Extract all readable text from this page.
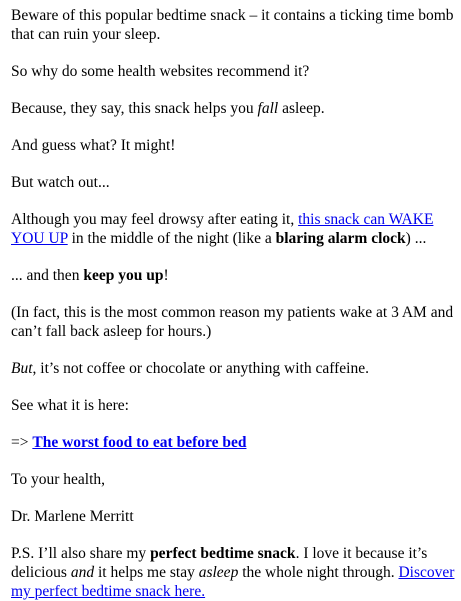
Beware of this popular bedtime snack – it contains a ticking time bomb that can ruin your sleep.

So why do some health websites recommend it?

Because, they say, this snack helps you fall asleep.

And guess what? It might!

But watch out...

Although you may feel drowsy after eating it, this snack can WAKE YOU UP in the middle of the night (like a blaring alarm clock) ...

... and then keep you up!

(In fact, this is the most common reason my patients wake at 3 AM and can’t fall back asleep for hours.)

But, it’s not coffee or chocolate or anything with caffeine.

See what it is here:

=> The worst food to eat before bed

To your health,

Dr. Marlene Merritt

P.S. I’ll also share my perfect bedtime snack. I love it because it’s delicious and it helps me stay asleep the whole night through. Discover my perfect bedtime snack here.
